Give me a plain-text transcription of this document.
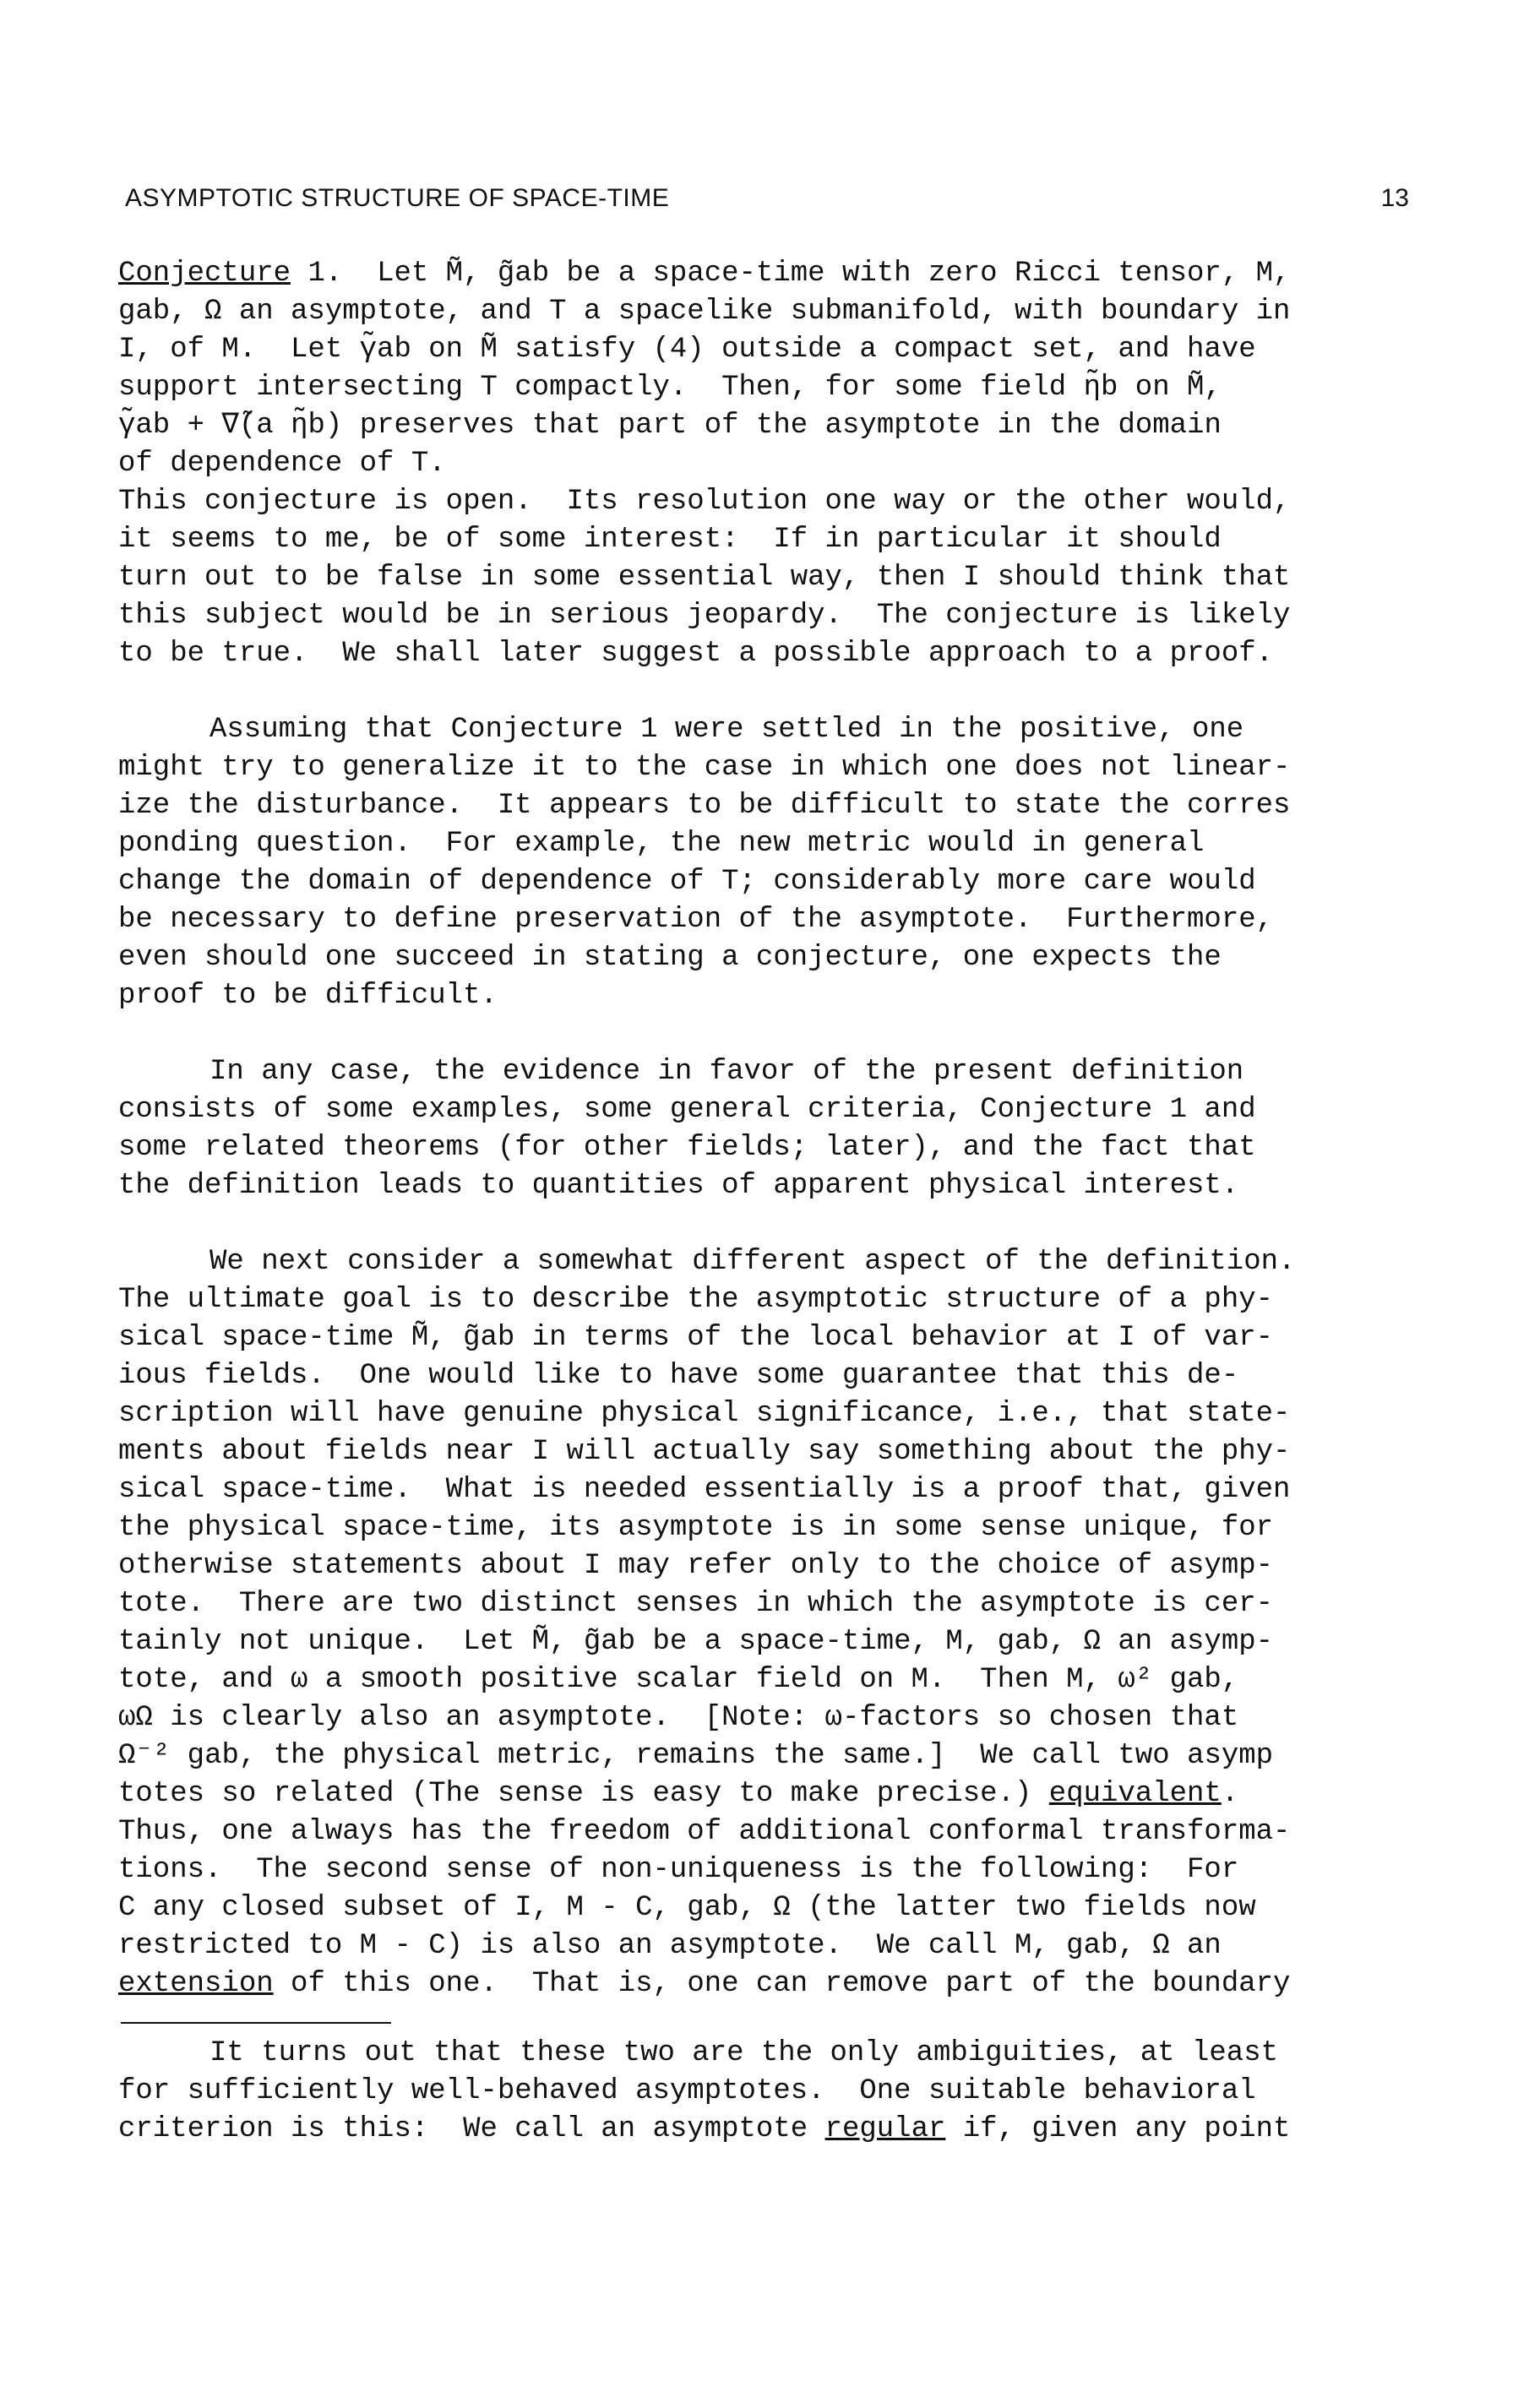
ASYMPTOTIC STRUCTURE OF SPACE-TIME	13

Conjecture 1.  Let M̃, g̃ab be a space-time with zero Ricci tensor, M,

gab, Ω an asymptote, and T a spacelike submanifold, with boundary in

I, of M.  Let γ̃ab on M̃ satisfy (4) outside a compact set, and have

support intersecting T compactly.  Then, for some field η̃b on M̃,

γ̃ab + ∇̃(a η̃b) preserves that part of the asymptote in the domain

of dependence of T.

This conjecture is open.  Its resolution one way or the other would,

it seems to me, be of some interest:  If in particular it should

turn out to be false in some essential way, then I should think that

this subject would be in serious jeopardy.  The conjecture is likely

to be true.  We shall later suggest a possible approach to a proof.

Assuming that Conjecture 1 were settled in the positive, one

might try to generalize it to the case in which one does not linear-

ize the disturbance.  It appears to be difficult to state the corres

ponding question.  For example, the new metric would in general

change the domain of dependence of T; considerably more care would

be necessary to define preservation of the asymptote.  Furthermore,

even should one succeed in stating a conjecture, one expects the

proof to be difficult.

In any case, the evidence in favor of the present definition

consists of some examples, some general criteria, Conjecture 1 and

some related theorems (for other fields; later), and the fact that

the definition leads to quantities of apparent physical interest.

We next consider a somewhat different aspect of the definition.

The ultimate goal is to describe the asymptotic structure of a phy-

sical space-time M̃, g̃ab in terms of the local behavior at I of var-

ious fields.  One would like to have some guarantee that this de-

scription will have genuine physical significance, i.e., that state-

ments about fields near I will actually say something about the phy-

sical space-time.  What is needed essentially is a proof that, given

the physical space-time, its asymptote is in some sense unique, for

otherwise statements about I may refer only to the choice of asymp-

tote.  There are two distinct senses in which the asymptote is cer-

tainly not unique.  Let M̃, g̃ab be a space-time, M, gab, Ω an asymp-

tote, and ω a smooth positive scalar field on M.  Then M, ω² gab,

ωΩ is clearly also an asymptote.  [Note: ω-factors so chosen that

Ω⁻² gab, the physical metric, remains the same.]  We call two asymp

totes so related (The sense is easy to make precise.) equivalent.

Thus, one always has the freedom of additional conformal transforma-

tions.  The second sense of non-uniqueness is the following:  For

C any closed subset of I, M - C, gab, Ω (the latter two fields now

restricted to M - C) is also an asymptote.  We call M, gab, Ω an

extension of this one.  That is, one can remove part of the boundary

It turns out that these two are the only ambiguities, at least

for sufficiently well-behaved asymptotes.  One suitable behavioral

criterion is this:  We call an asymptote regular if, given any point
